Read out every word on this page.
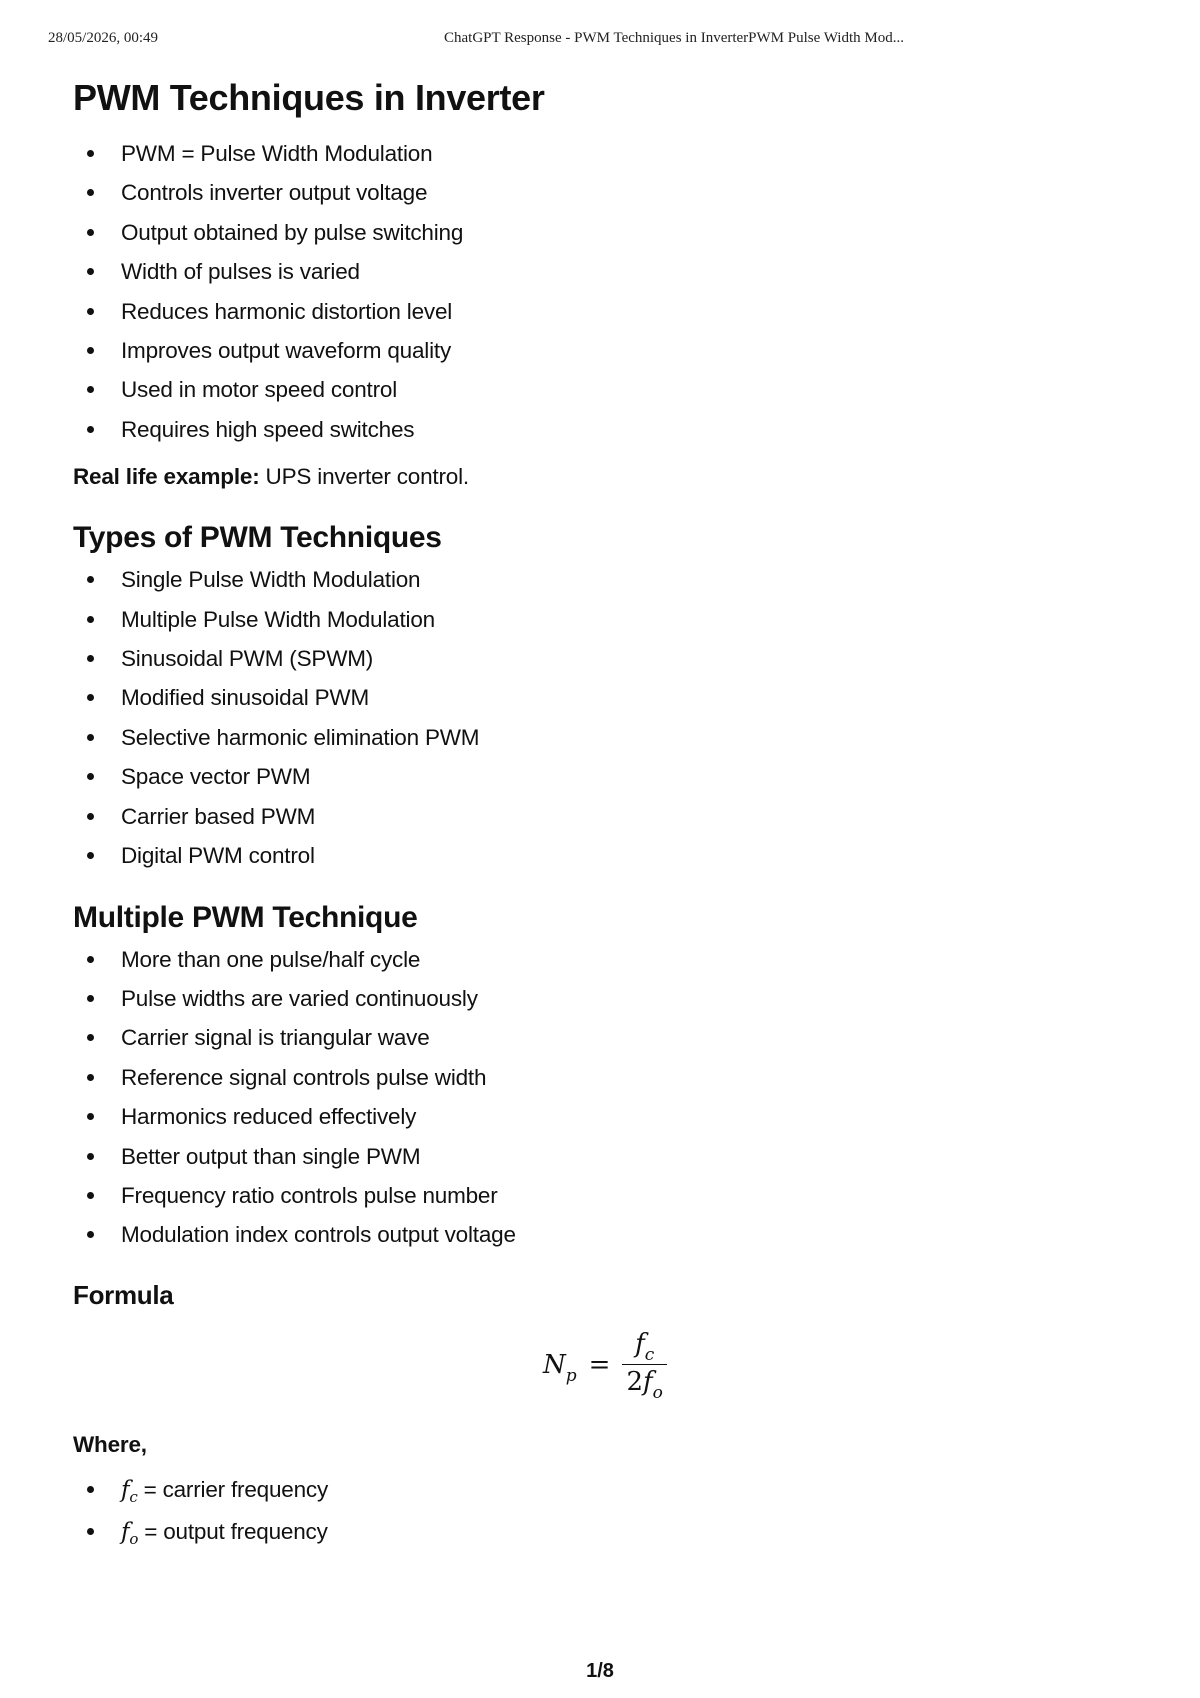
28/05/2026, 00:49	ChatGPT Response - PWM Techniques in InverterPWM Pulse Width Mod...
PWM Techniques in Inverter
PWM = Pulse Width Modulation
Controls inverter output voltage
Output obtained by pulse switching
Width of pulses is varied
Reduces harmonic distortion level
Improves output waveform quality
Used in motor speed control
Requires high speed switches

Real life example: UPS inverter control.

Types of PWM Techniques
Single Pulse Width Modulation
Multiple Pulse Width Modulation
Sinusoidal PWM (SPWM)
Modified sinusoidal PWM
Selective harmonic elimination PWM
Space vector PWM
Carrier based PWM
Digital PWM control
Multiple PWM Technique
More than one pulse/half cycle
Pulse widths are varied continuously
Carrier signal is triangular wave
Reference signal controls pulse width
Harmonics reduced effectively
Better output than single PWM
Frequency ratio controls pulse number
Modulation index controls output voltage
Formula
$N_p = \frac{f_c}{2f_o}$

Where,

$f_c$ = carrier frequency
$f_o$ = output frequency
1/8
